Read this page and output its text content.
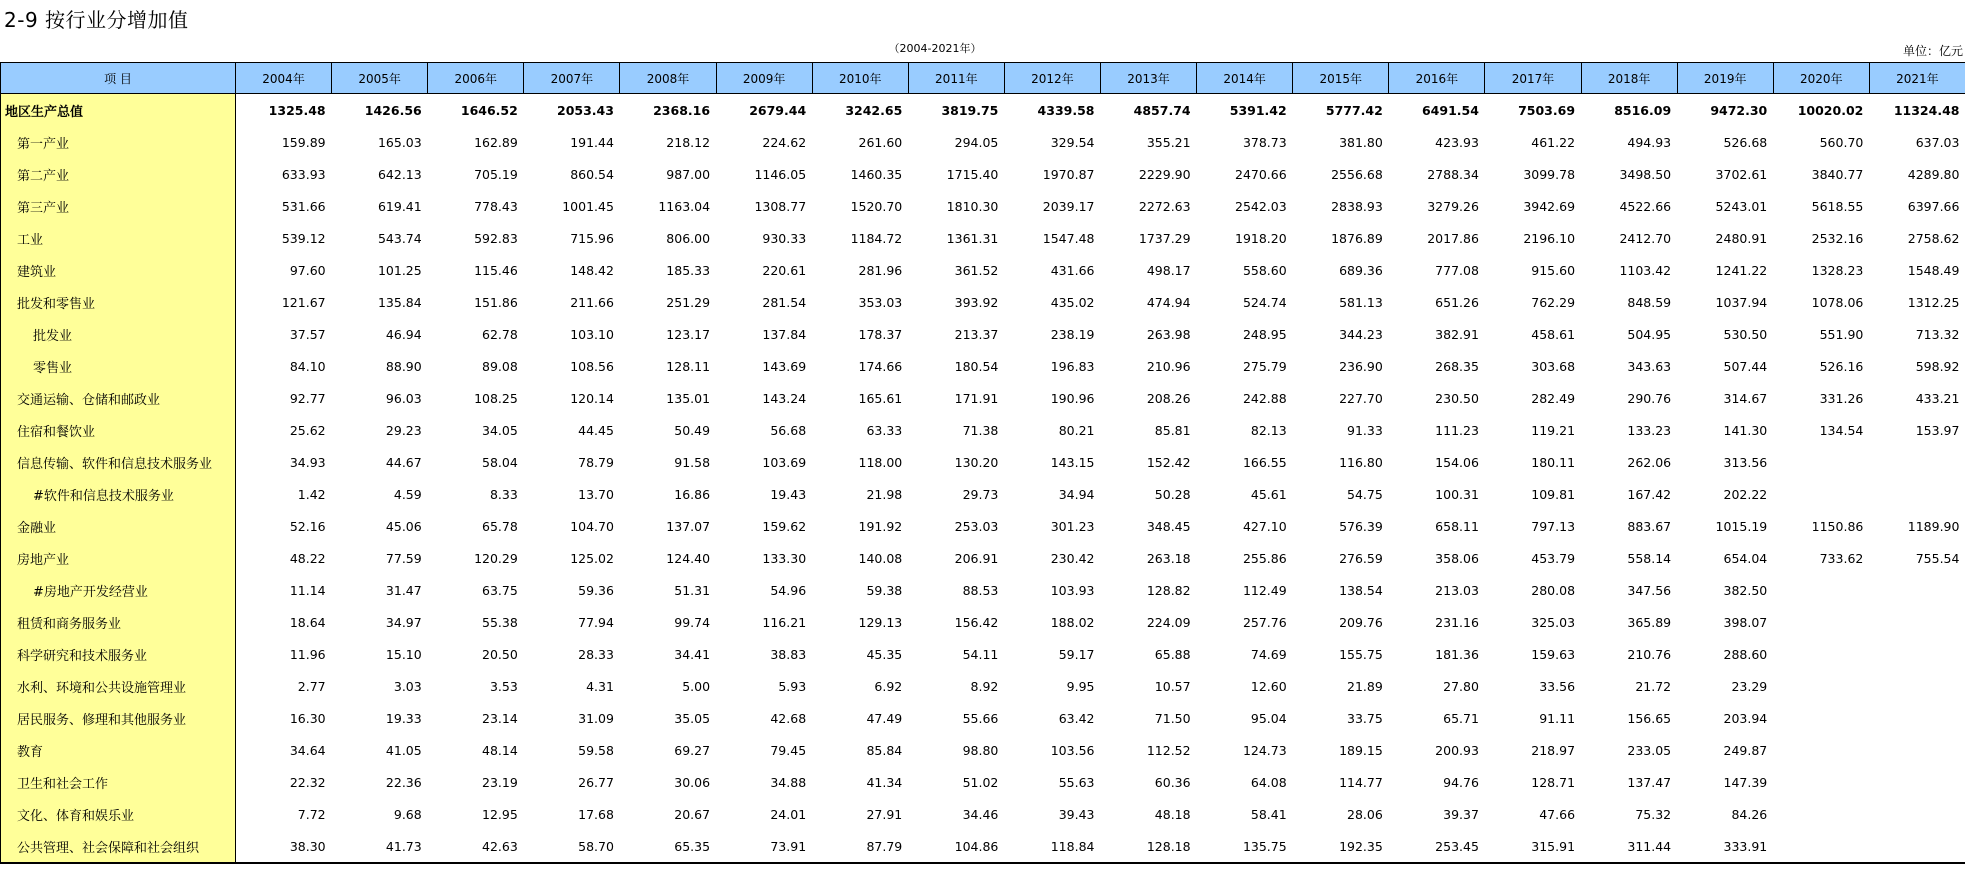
2-9 按行业分增加值
（2004-2021年）	单位：亿元
项 目	2004年	2005年	2006年	2007年	2008年	2009年	2010年	2011年	2012年	2013年	2014年	2015年	2016年	2017年	2018年	2019年	2020年	2021年
地区生产总值	1325.48	1426.56	1646.52	2053.43	2368.16	2679.44	3242.65	3819.75	4339.58	4857.74	5391.42	5777.42	6491.54	7503.69	8516.09	9472.30	10020.02	11324.48
第一产业	159.89	165.03	162.89	191.44	218.12	224.62	261.60	294.05	329.54	355.21	378.73	381.80	423.93	461.22	494.93	526.68	560.70	637.03
第二产业	633.93	642.13	705.19	860.54	987.00	1146.05	1460.35	1715.40	1970.87	2229.90	2470.66	2556.68	2788.34	3099.78	3498.50	3702.61	3840.77	4289.80
第三产业	531.66	619.41	778.43	1001.45	1163.04	1308.77	1520.70	1810.30	2039.17	2272.63	2542.03	2838.93	3279.26	3942.69	4522.66	5243.01	5618.55	6397.66
工业	539.12	543.74	592.83	715.96	806.00	930.33	1184.72	1361.31	1547.48	1737.29	1918.20	1876.89	2017.86	2196.10	2412.70	2480.91	2532.16	2758.62
建筑业	97.60	101.25	115.46	148.42	185.33	220.61	281.96	361.52	431.66	498.17	558.60	689.36	777.08	915.60	1103.42	1241.22	1328.23	1548.49
批发和零售业	121.67	135.84	151.86	211.66	251.29	281.54	353.03	393.92	435.02	474.94	524.74	581.13	651.26	762.29	848.59	1037.94	1078.06	1312.25
批发业	37.57	46.94	62.78	103.10	123.17	137.84	178.37	213.37	238.19	263.98	248.95	344.23	382.91	458.61	504.95	530.50	551.90	713.32
零售业	84.10	88.90	89.08	108.56	128.11	143.69	174.66	180.54	196.83	210.96	275.79	236.90	268.35	303.68	343.63	507.44	526.16	598.92
交通运输、仓储和邮政业	92.77	96.03	108.25	120.14	135.01	143.24	165.61	171.91	190.96	208.26	242.88	227.70	230.50	282.49	290.76	314.67	331.26	433.21
住宿和餐饮业	25.62	29.23	34.05	44.45	50.49	56.68	63.33	71.38	80.21	85.81	82.13	91.33	111.23	119.21	133.23	141.30	134.54	153.97
信息传输、软件和信息技术服务业	34.93	44.67	58.04	78.79	91.58	103.69	118.00	130.20	143.15	152.42	166.55	116.80	154.06	180.11	262.06	313.56		
#软件和信息技术服务业	1.42	4.59	8.33	13.70	16.86	19.43	21.98	29.73	34.94	50.28	45.61	54.75	100.31	109.81	167.42	202.22		
金融业	52.16	45.06	65.78	104.70	137.07	159.62	191.92	253.03	301.23	348.45	427.10	576.39	658.11	797.13	883.67	1015.19	1150.86	1189.90
房地产业	48.22	77.59	120.29	125.02	124.40	133.30	140.08	206.91	230.42	263.18	255.86	276.59	358.06	453.79	558.14	654.04	733.62	755.54
#房地产开发经营业	11.14	31.47	63.75	59.36	51.31	54.96	59.38	88.53	103.93	128.82	112.49	138.54	213.03	280.08	347.56	382.50		
租赁和商务服务业	18.64	34.97	55.38	77.94	99.74	116.21	129.13	156.42	188.02	224.09	257.76	209.76	231.16	325.03	365.89	398.07		
科学研究和技术服务业	11.96	15.10	20.50	28.33	34.41	38.83	45.35	54.11	59.17	65.88	74.69	155.75	181.36	159.63	210.76	288.60		
水利、环境和公共设施管理业	2.77	3.03	3.53	4.31	5.00	5.93	6.92	8.92	9.95	10.57	12.60	21.89	27.80	33.56	21.72	23.29		
居民服务、修理和其他服务业	16.30	19.33	23.14	31.09	35.05	42.68	47.49	55.66	63.42	71.50	95.04	33.75	65.71	91.11	156.65	203.94		
教育	34.64	41.05	48.14	59.58	69.27	79.45	85.84	98.80	103.56	112.52	124.73	189.15	200.93	218.97	233.05	249.87		
卫生和社会工作	22.32	22.36	23.19	26.77	30.06	34.88	41.34	51.02	55.63	60.36	64.08	114.77	94.76	128.71	137.47	147.39		
文化、体育和娱乐业	7.72	9.68	12.95	17.68	20.67	24.01	27.91	34.46	39.43	48.18	58.41	28.06	39.37	47.66	75.32	84.26		
公共管理、社会保障和社会组织	38.30	41.73	42.63	58.70	65.35	73.91	87.79	104.86	118.84	128.18	135.75	192.35	253.45	315.91	311.44	333.91		
